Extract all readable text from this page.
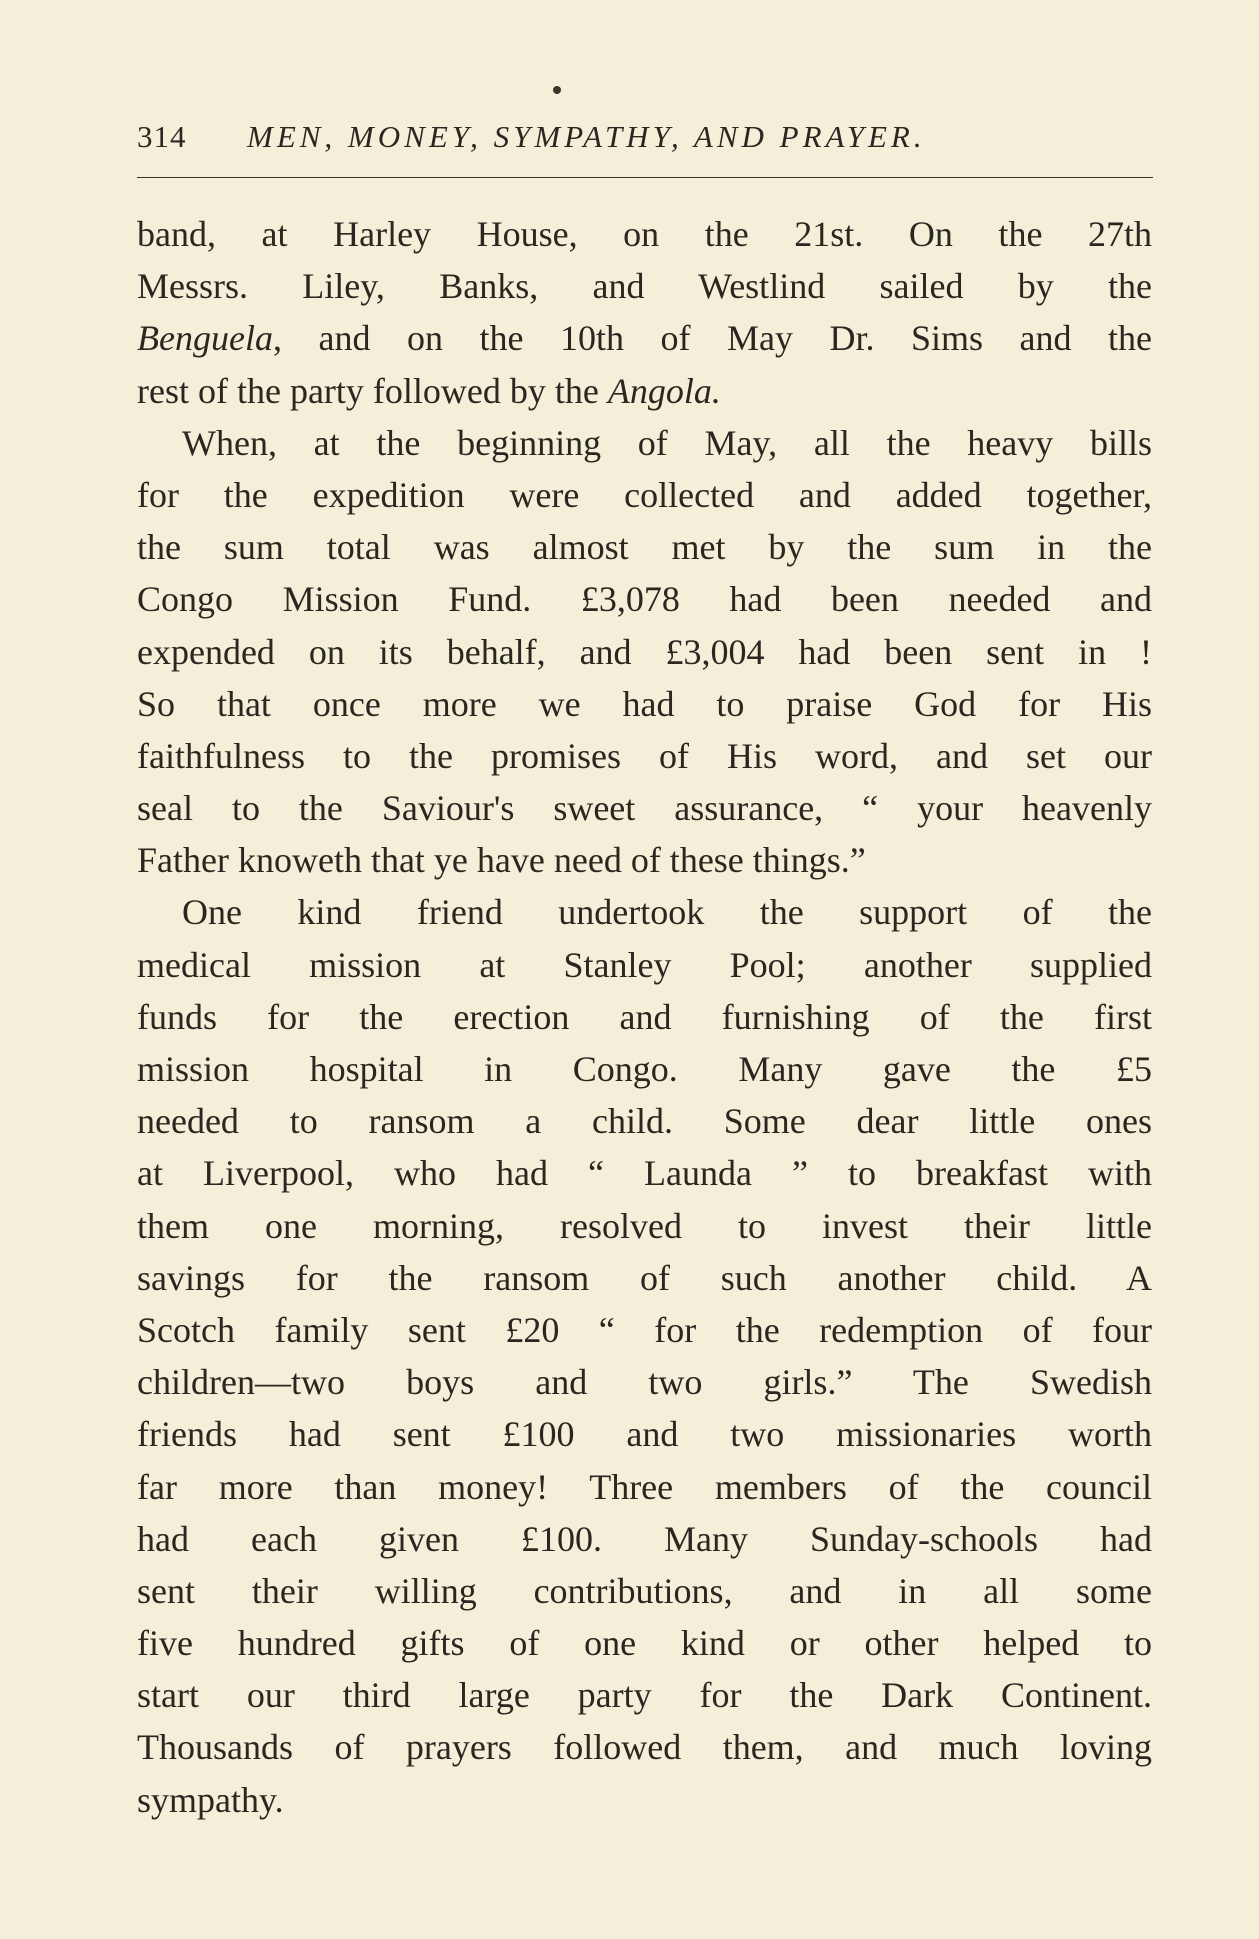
314 MEN, MONEY, SYMPATHY, AND PRAYER.
band, at Harley House, on the 21st. On the 27th
Messrs. Liley, Banks, and Westlind sailed by the
Benguela, and on the 10th of May Dr. Sims and the
rest of the party followed by the Angola.
When, at the beginning of May, all the heavy bills
for the expedition were collected and added together,
the sum total was almost met by the sum in the
Congo Mission Fund. £3,078 had been needed and
expended on its behalf, and £3,004 had been sent in !
So that once more we had to praise God for His
faithfulness to the promises of His word, and set our
seal to the Saviour's sweet assurance, “ your heavenly
Father knoweth that ye have need of these things.”
One kind friend undertook the support of the
medical mission at Stanley Pool; another supplied
funds for the erection and furnishing of the first
mission hospital in Congo. Many gave the £5
needed to ransom a child. Some dear little ones
at Liverpool, who had “ Launda ” to breakfast with
them one morning, resolved to invest their little
savings for the ransom of such another child. A
Scotch family sent £20 “ for the redemption of four
children—two boys and two girls.” The Swedish
friends had sent £100 and two missionaries worth
far more than money! Three members of the council
had each given £100. Many Sunday-schools had
sent their willing contributions, and in all some
five hundred gifts of one kind or other helped to
start our third large party for the Dark Continent.
Thousands of prayers followed them, and much loving
sympathy.
